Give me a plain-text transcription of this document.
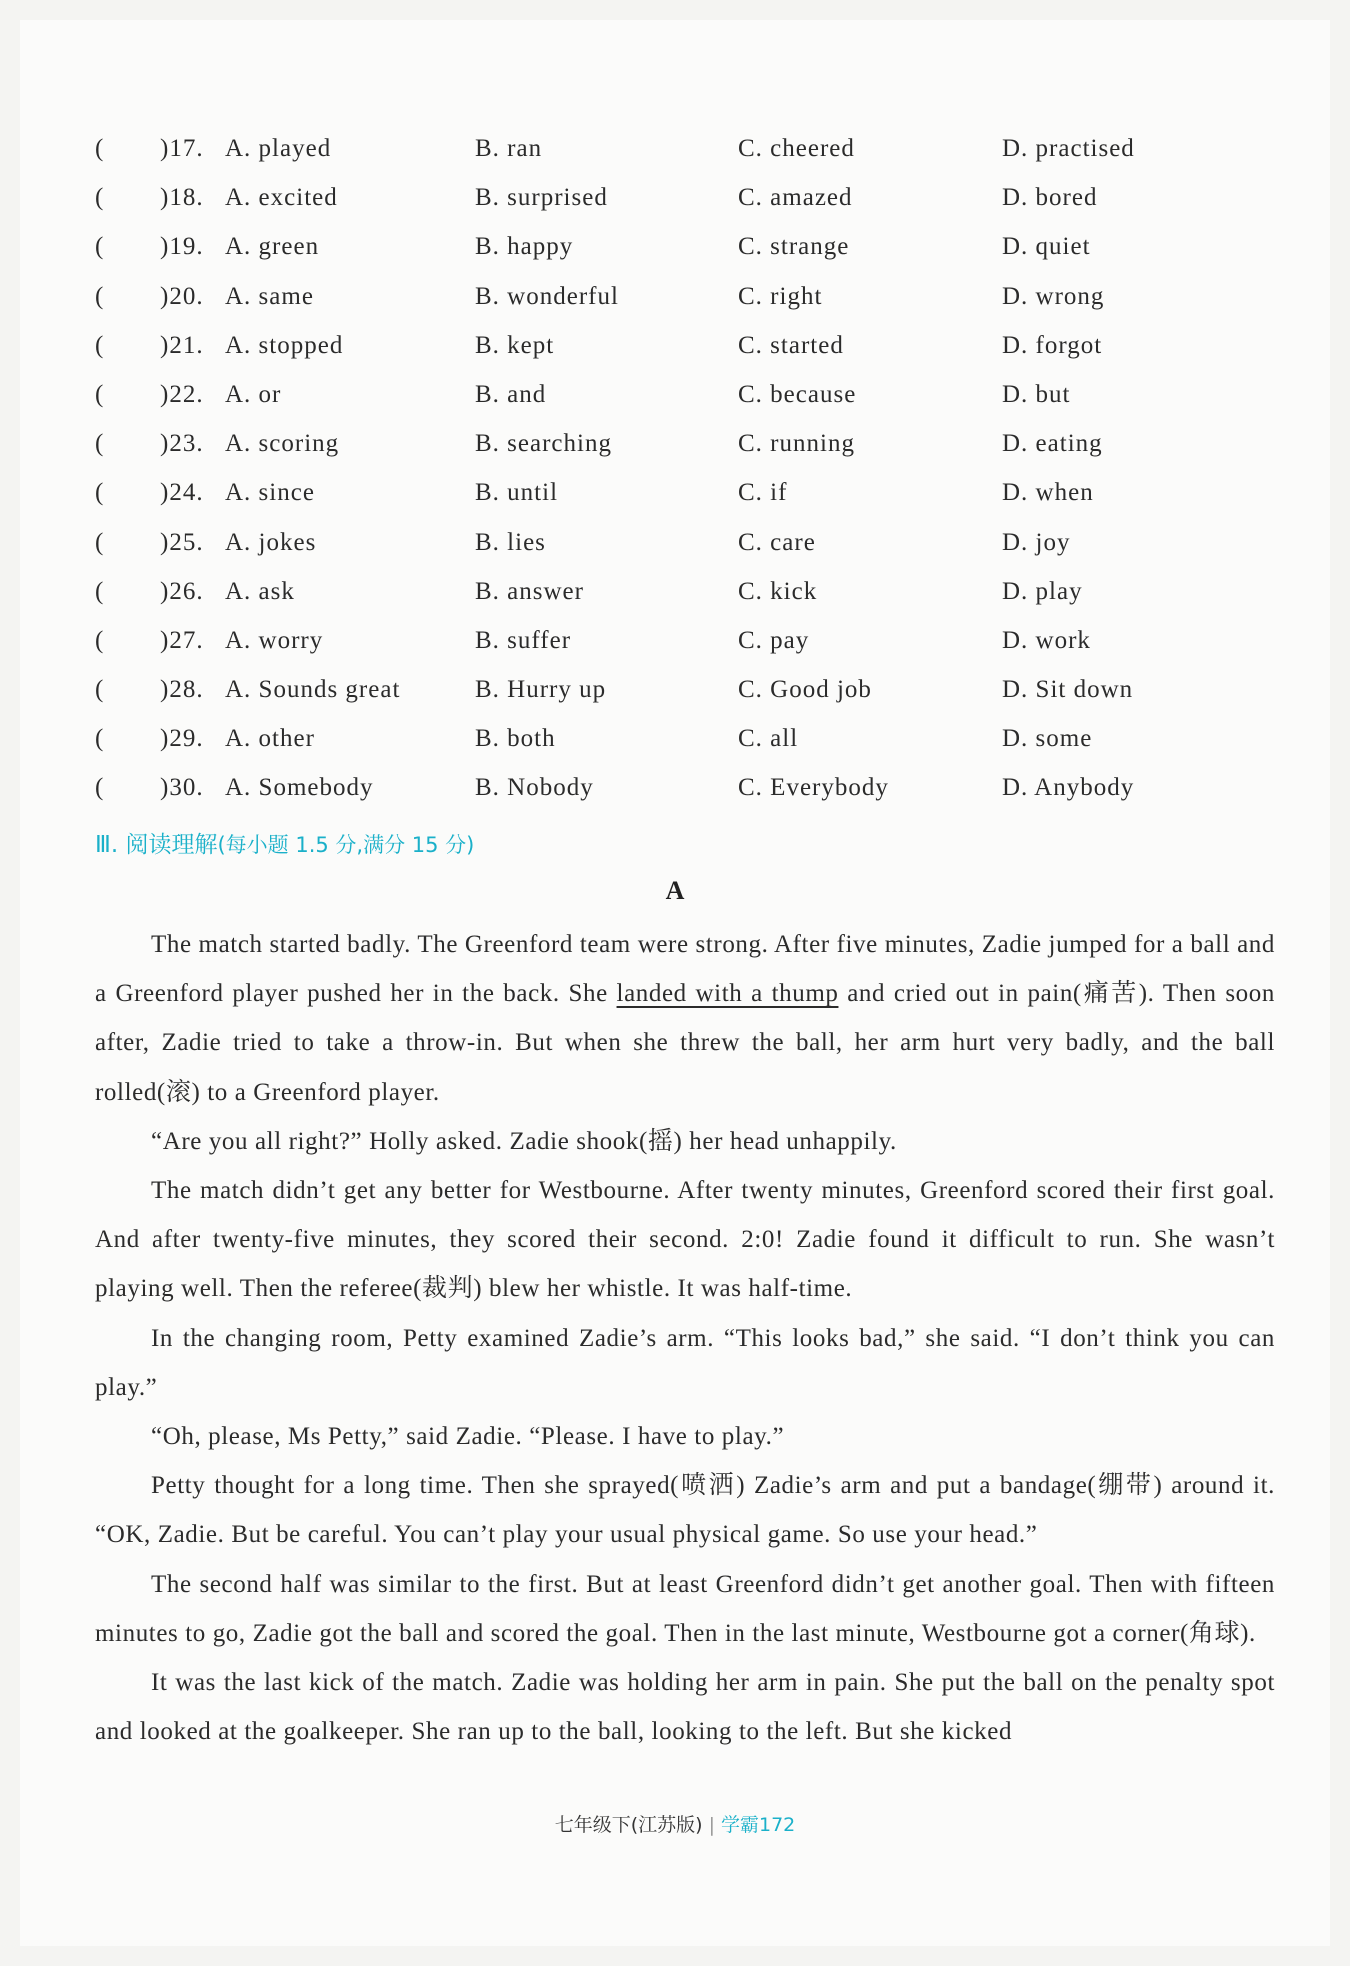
( )17. A. played	B. ran	C. cheered	D. practised
( )18. A. excited	B. surprised	C. amazed	D. bored
( )19. A. green	B. happy	C. strange	D. quiet
( )20. A. same	B. wonderful	C. right	D. wrong
( )21. A. stopped	B. kept	C. started	D. forgot
( )22. A. or	B. and	C. because	D. but
( )23. A. scoring	B. searching	C. running	D. eating
( )24. A. since	B. until	C. if	D. when
( )25. A. jokes	B. lies	C. care	D. joy
( )26. A. ask	B. answer	C. kick	D. play
( )27. A. worry	B. suffer	C. pay	D. work
( )28. A. Sounds great	B. Hurry up	C. Good job	D. Sit down
( )29. A. other	B. both	C. all	D. some
( )30. A. Somebody	B. Nobody	C. Everybody	D. Anybody
Ⅲ. 阅读理解(每小题 1.5 分,满分 15 分)
A

The match started badly. The Greenford team were strong. After five minutes, Zadie jumped for a ball and a Greenford player pushed her in the back. She landed with a thump and cried out in pain(痛苦). Then soon after, Zadie tried to take a throw-in. But when she threw the ball, her arm hurt very badly, and the ball rolled(滚) to a Greenford player.

“Are you all right?” Holly asked. Zadie shook(摇) her head unhappily.

The match didn’t get any better for Westbourne. After twenty minutes, Greenford scored their first goal. And after twenty-five minutes, they scored their second. 2:0! Zadie found it difficult to run. She wasn’t playing well. Then the referee(裁判) blew her whistle. It was half-time.

In the changing room, Petty examined Zadie’s arm. “This looks bad,” she said. “I don’t think you can play.”

“Oh, please, Ms Petty,” said Zadie. “Please. I have to play.”

Petty thought for a long time. Then she sprayed(喷洒) Zadie’s arm and put a bandage(绷带) around it. “OK, Zadie. But be careful. You can’t play your usual physical game. So use your head.”

The second half was similar to the first. But at least Greenford didn’t get another goal. Then with fifteen minutes to go, Zadie got the ball and scored the goal. Then in the last minute, Westbourne got a corner(角球).

It was the last kick of the match. Zadie was holding her arm in pain. She put the ball on the penalty spot and looked at the goalkeeper. She ran up to the ball, looking to the left. But she kicked

七年级下(江苏版) | 学霸172
